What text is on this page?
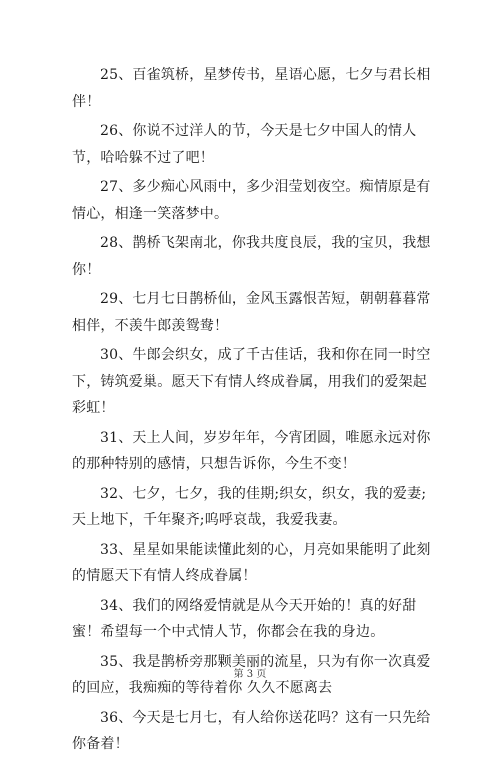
25、百雀筑桥，星梦传书，星语心愿，七夕与君长相伴！

26、你说不过洋人的节，今天是七夕中国人的情人节，哈哈躲不过了吧！

27、多少痴心风雨中，多少泪莹划夜空。痴情原是有情心，相逢一笑落梦中。

28、鹊桥飞架南北，你我共度良辰，我的宝贝，我想你！

29、七月七日鹊桥仙，金风玉露恨苦短，朝朝暮暮常相伴，不羡牛郎羡鸳鸯！

30、牛郎会织女，成了千古佳话，我和你在同一时空下，铸筑爱巢。愿天下有情人终成眷属，用我们的爱架起彩虹！

31、天上人间，岁岁年年，今宵团圆，唯愿永远对你的那种特别的感情，只想告诉你，今生不变！

32、七夕，七夕，我的佳期;织女，织女，我的爱妻;天上地下，千年聚齐;呜呼哀哉，我爱我妻。

33、星星如果能读懂此刻的心，月亮如果能明了此刻的情愿天下有情人终成眷属！

34、我们的网络爱情就是从今天开始的！真的好甜蜜！希望每一个中式情人节，你都会在我的身边。

35、我是鹊桥旁那颗美丽的流星，只为有你一次真爱的回应，我痴痴的等待着你 久久不愿离去

36、今天是七月七，有人给你送花吗？这有一只先给你备着！

第 3 页
